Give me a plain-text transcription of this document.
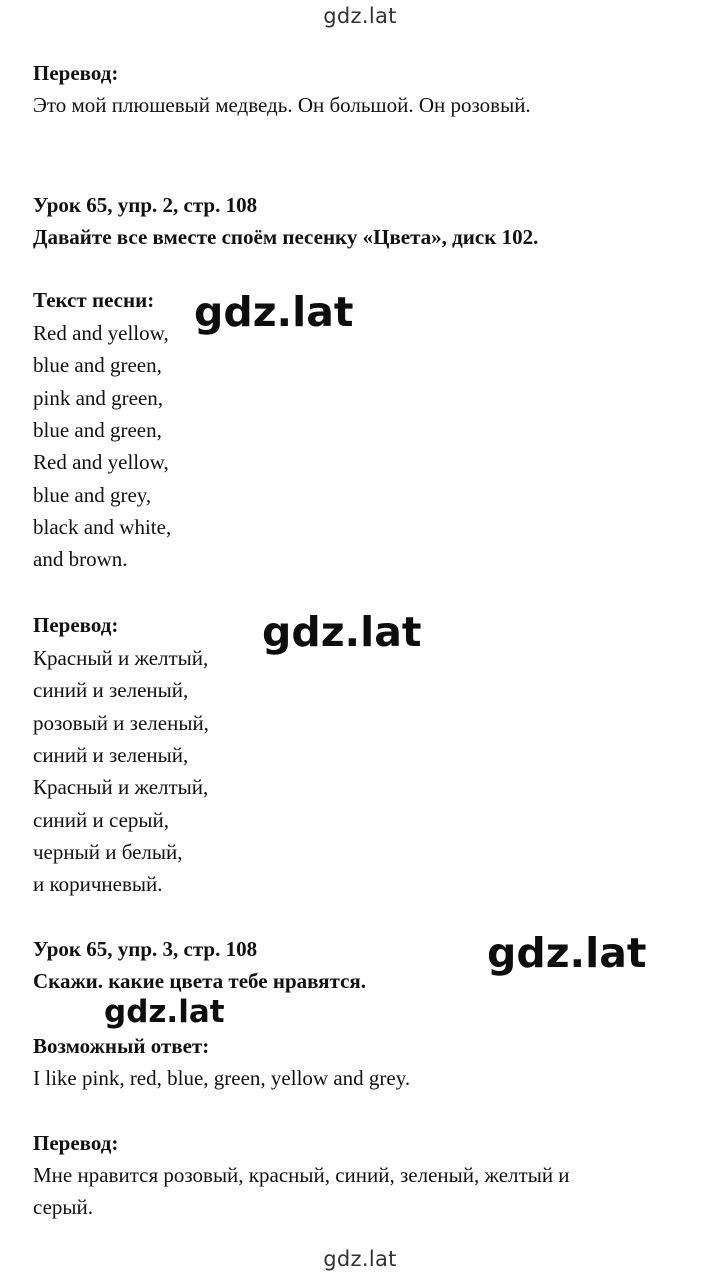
gdz.lat
gdz.lat
gdz.lat
gdz.lat
gdz.lat
gdz.lat
Перевод:
Это мой плюшевый медведь. Он большой. Он розовый.
Урок 65, упр. 2, стр. 108
Давайте все вместе споём песенку «Цвета», диск 102.
Текст песни:
Red and yellow,
blue and green,
pink and green,
blue and green,
Red and yellow,
blue and grey,
black and white,
and brown.
Перевод:
Красный и желтый,
синий и зеленый,
розовый и зеленый,
синий и зеленый,
Красный и желтый,
синий и серый,
черный и белый,
и коричневый.
Урок 65, упр. 3, стр. 108
Скажи. какие цвета тебе нравятся.
Возможный ответ:
I like pink, red, blue, green, yellow and grey.
Перевод:
Мне нравится розовый, красный, синий, зеленый, желтый и
серый.
